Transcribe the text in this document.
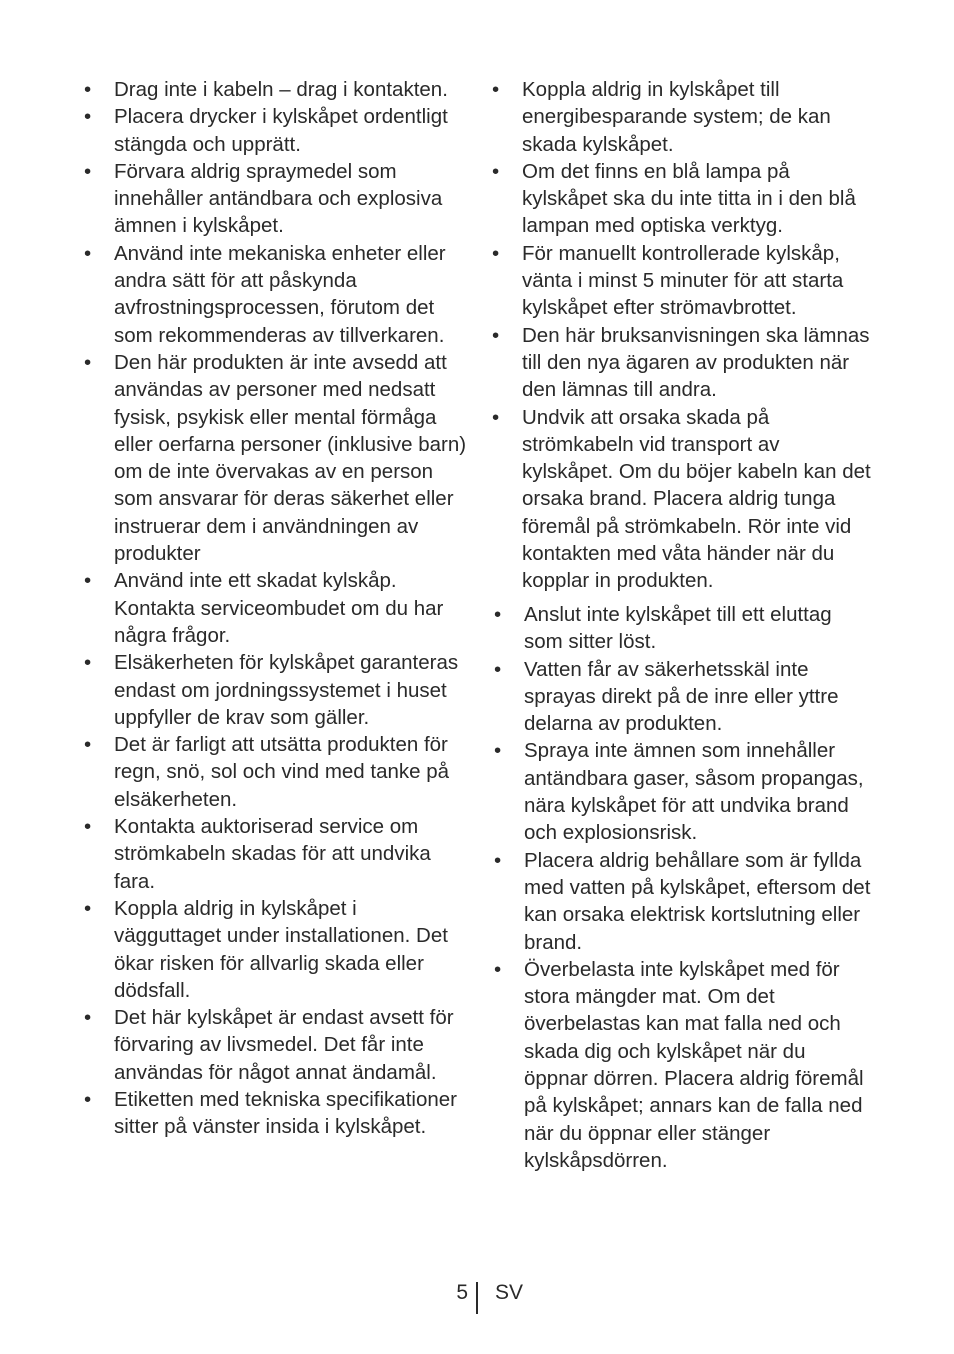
•	Drag inte i kabeln – drag i kontakten.
•	Placera drycker i kylskåpet ordentligt stängda och upprätt.
•	Förvara aldrig spraymedel som innehåller antändbara och explosiva ämnen i kylskåpet.
•	Använd inte mekaniska enheter eller andra sätt för att påskynda avfrostningsprocessen, förutom det som rekommenderas av tillverkaren.
•	Den här produkten är inte avsedd att användas av personer med nedsatt fysisk, psykisk eller mental förmåga eller oerfarna personer (inklusive barn) om de inte övervakas av en person som ansvarar för deras säkerhet eller instruerar dem i användningen av produkter
•	Använd inte ett skadat kylskåp. Kontakta serviceombudet om du har några frågor.
•	Elsäkerheten för kylskåpet garanteras endast om jordningssystemet i huset uppfyller de krav som gäller.
•	Det är farligt att utsätta produkten för regn, snö, sol och vind med tanke på elsäkerheten.
•	Kontakta auktoriserad service om strömkabeln skadas för att undvika fara.
•	Koppla aldrig in kylskåpet i vägguttaget under installationen. Det ökar risken för allvarlig skada eller dödsfall.
•	Det här kylskåpet är endast avsett för förvaring av livsmedel. Det får inte användas för något annat ändamål.
•	Etiketten med tekniska specifikationer sitter på vänster insida i kylskåpet.
•	Koppla aldrig in kylskåpet till energibesparande system; de kan skada kylskåpet.
•	Om det finns en blå lampa på kylskåpet ska du inte titta in i den blå lampan med optiska verktyg.
•	För manuellt kontrollerade kylskåp, vänta i minst 5 minuter för att starta kylskåpet efter strömavbrottet.
•	Den här bruksanvisningen ska lämnas till den nya ägaren av produkten när den lämnas till andra.
•	Undvik att orsaka skada på strömkabeln vid transport av kylskåpet. Om du böjer kabeln kan det orsaka brand. Placera aldrig tunga föremål på strömkabeln. Rör inte vid kontakten med våta händer när du kopplar in produkten.
•	Anslut inte kylskåpet till ett eluttag som sitter löst.
•	Vatten får av säkerhetsskäl inte sprayas direkt på de inre eller yttre delarna av produkten.
•	Spraya inte ämnen som innehåller antändbara gaser, såsom propangas, nära kylskåpet för att undvika brand och explosionsrisk.
•	Placera aldrig behållare som är fyllda med vatten på kylskåpet, eftersom det kan orsaka elektrisk kortslutning eller brand.
•	Överbelasta inte kylskåpet med för stora mängder mat. Om det överbelastas kan mat falla ned och skada dig och kylskåpet när du öppnar dörren. Placera aldrig föremål på kylskåpet; annars kan de falla ned när du öppnar eller stänger kylskåpsdörren.
5 SV
